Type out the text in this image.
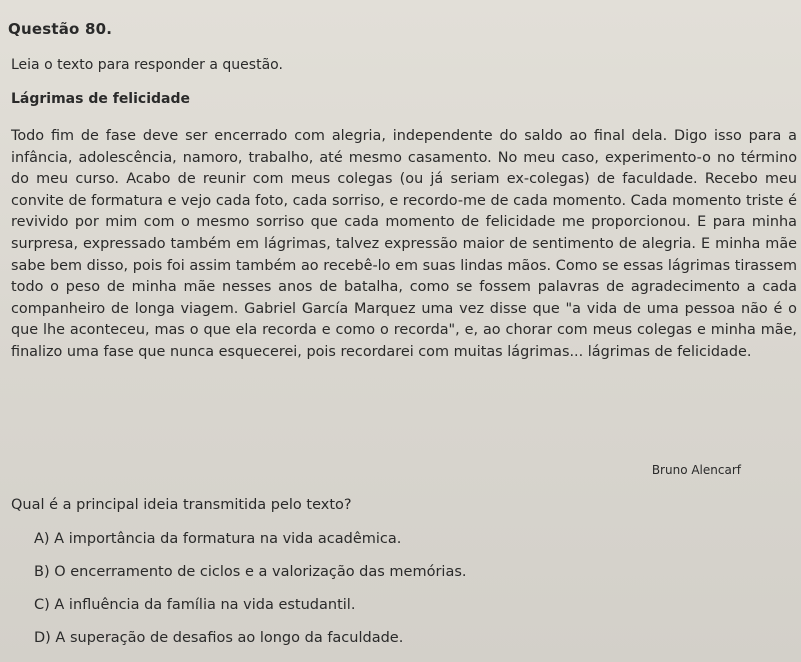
Questão 80.
Leia o texto para responder a questão.
Lágrimas de felicidade

Todo fim de fase deve ser encerrado com alegria, independente do saldo ao final dela. Digo isso para a infância, adolescência, namoro, trabalho, até mesmo casamento. No meu caso, experimento-o no término do meu curso. Acabo de reunir com meus colegas (ou já seriam ex-colegas) de faculdade. Recebo meu convite de formatura e vejo cada foto, cada sorriso, e recordo-me de cada momento. Cada momento triste é revivido por mim com o mesmo sorriso que cada momento de felicidade me proporcionou. E para minha surpresa, expressado também em lágrimas, talvez expressão maior de sentimento de alegria. E minha mãe sabe bem disso, pois foi assim também ao recebê-lo em suas lindas mãos. Como se essas lágrimas tirassem todo o peso de minha mãe nesses anos de batalha, como se fossem palavras de agradecimento a cada companheiro de longa viagem. Gabriel García Marquez uma vez disse que "a vida de uma pessoa não é o que lhe aconteceu, mas o que ela recorda e como o recorda", e, ao chorar com meus colegas e minha mãe, finalizo uma fase que nunca esquecerei, pois recordarei com muitas lágrimas... lágrimas de felicidade.

Bruno Alencarf
Qual é a principal ideia transmitida pelo texto?
A) A importância da formatura na vida acadêmica.
B) O encerramento de ciclos e a valorização das memórias.
C) A influência da família na vida estudantil.
D) A superação de desafios ao longo da faculdade.
